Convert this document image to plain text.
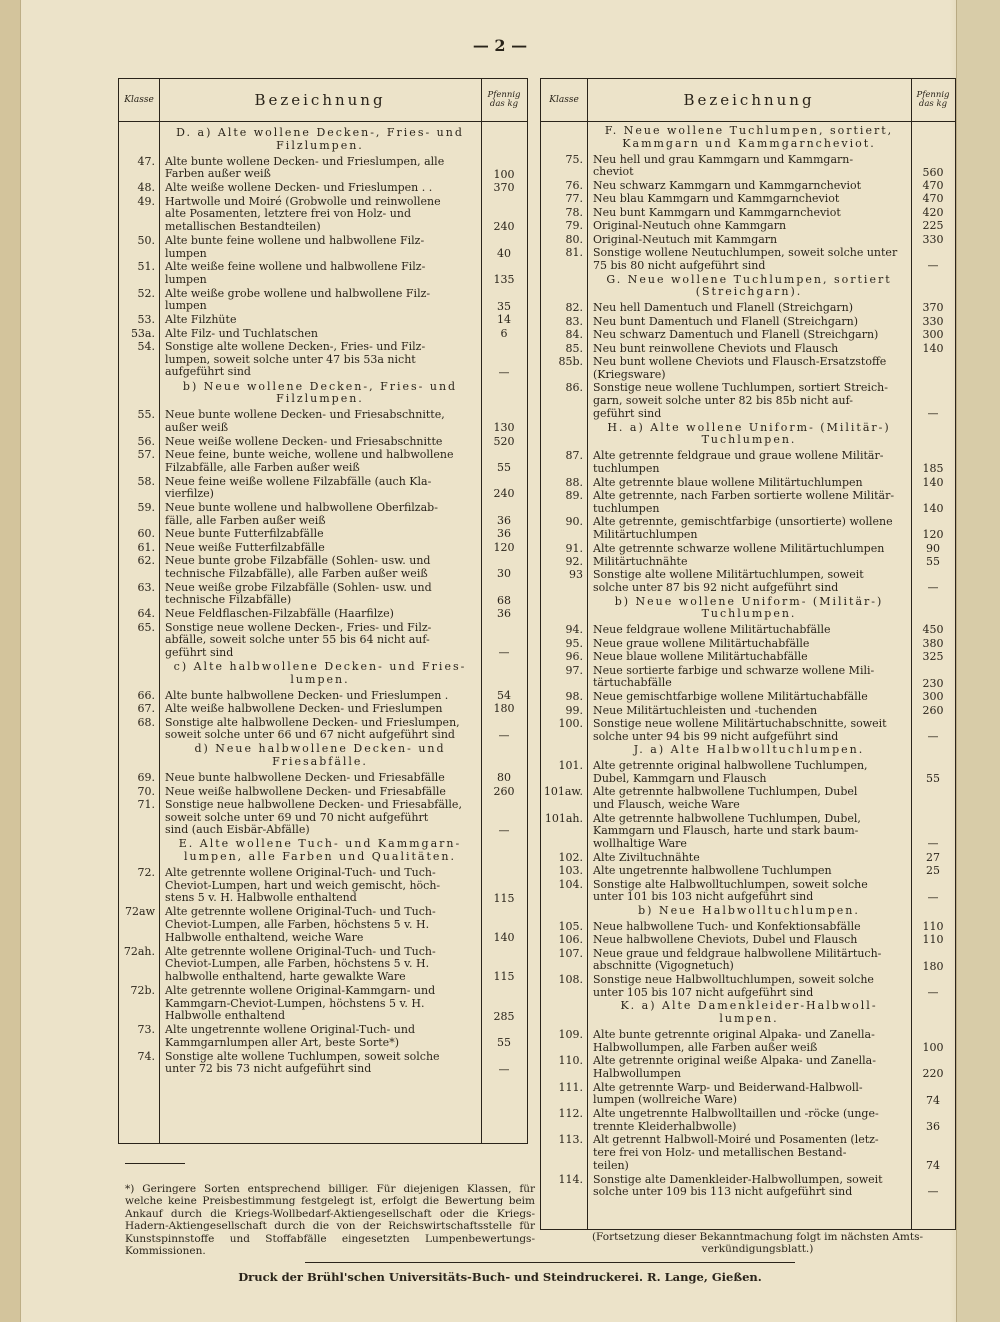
— 2 —
Klasse	Bezeichnung	Pfennig das kg
D. a) Alte wollene Decken-, Fries- und
Filzlumpen.
47. Alte bunte wollene Decken- und Frieslumpen, alle
Farben außer weiß	100
48. Alte weiße wollene Decken- und Frieslumpen . .	370
49. Hartwolle und Moiré (Grobwolle und reinwollene
alte Posamenten, letztere frei von Holz- und
metallischen Bestandteilen)	240
50. Alte bunte feine wollene und halbwollene Filz-
lumpen	40
51. Alte weiße feine wollene und halbwollene Filz-
lumpen	135
52. Alte weiße grobe wollene und halbwollene Filz-
lumpen	35
53. Alte Filzhüte	14
53a. Alte Filz- und Tuchlatschen	6
54. Sonstige alte wollene Decken-, Fries- und Filz-
lumpen, soweit solche unter 47 bis 53a nicht
aufgeführt sind	—
b) Neue wollene Decken-, Fries- und
Filzlumpen.
55. Neue bunte wollene Decken- und Friesabschnitte,
außer weiß	130
56. Neue weiße wollene Decken- und Friesabschnitte	520
57. Neue feine, bunte weiche, wollene und halbwollene
Filzabfälle, alle Farben außer weiß	55
58. Neue feine weiße wollene Filzabfälle (auch Kla-
vierfilze)	240
59. Neue bunte wollene und halbwollene Oberfilzab-
fälle, alle Farben außer weiß	36
60. Neue bunte Futterfilzabfälle	36
61. Neue weiße Futterfilzabfälle	120
62. Neue bunte grobe Filzabfälle (Sohlen- usw. und
technische Filzabfälle), alle Farben außer weiß	30
63. Neue weiße grobe Filzabfälle (Sohlen- usw. und
technische Filzabfälle)	68
64. Neue Feldflaschen-Filzabfälle (Haarfilze)	36
65. Sonstige neue wollene Decken-, Fries- und Filz-
abfälle, soweit solche unter 55 bis 64 nicht auf-
geführt sind	—
c) Alte halbwollene Decken- und Fries-
lumpen.
66. Alte bunte halbwollene Decken- und Frieslumpen .	54
67. Alte weiße halbwollene Decken- und Frieslumpen	180
68. Sonstige alte halbwollene Decken- und Frieslumpen,
soweit solche unter 66 und 67 nicht aufgeführt sind	—
d) Neue halbwollene Decken- und
Friesabfälle.
69. Neue bunte halbwollene Decken- und Friesabfälle	80
70. Neue weiße halbwollene Decken- und Friesabfälle	260
71. Sonstige neue halbwollene Decken- und Friesabfälle,
soweit solche unter 69 und 70 nicht aufgeführt
sind (auch Eisbär-Abfälle)	—
E. Alte wollene Tuch- und Kammgarn-
lumpen, alle Farben und Qualitäten.
72. Alte getrennte wollene Original-Tuch- und Tuch-
Cheviot-Lumpen, hart und weich gemischt, höch-
stens 5 v. H. Halbwolle enthaltend	115
72aw Alte getrennte wollene Original-Tuch- und Tuch-
Cheviot-Lumpen, alle Farben, höchstens 5 v. H.
Halbwolle enthaltend, weiche Ware	140
72ah. Alte getrennte wollene Original-Tuch- und Tuch-
Cheviot-Lumpen, alle Farben, höchstens 5 v. H.
halbwolle enthaltend, harte gewalkte Ware	115
72b. Alte getrennte wollene Original-Kammgarn- und
Kammgarn-Cheviot-Lumpen, höchstens 5 v. H.
Halbwolle enthaltend	285
73. Alte ungetrennte wollene Original-Tuch- und
Kammgarnlumpen aller Art, beste Sorte*)	55
74. Sonstige alte wollene Tuchlumpen, soweit solche
unter 72 bis 73 nicht aufgeführt sind	—
Klasse	Bezeichnung	Pfennig das kg
F. Neue wollene Tuchlumpen, sortiert,
Kammgarn und Kammgarncheviot.
75. Neu hell und grau Kammgarn und Kammgarn-
cheviot	560
76. Neu schwarz Kammgarn und Kammgarncheviot	470
77. Neu blau Kammgarn und Kammgarncheviot	470
78. Neu bunt Kammgarn und Kammgarncheviot	420
79. Original-Neutuch ohne Kammgarn	225
80. Original-Neutuch mit Kammgarn	330
81. Sonstige wollene Neutuchlumpen, soweit solche unter
75 bis 80 nicht aufgeführt sind	—
G. Neue wollene Tuchlumpen, sortiert
(Streichgarn).
82. Neu hell Damentuch und Flanell (Streichgarn)	370
83. Neu bunt Damentuch und Flanell (Streichgarn)	330
84. Neu schwarz Damentuch und Flanell (Streichgarn)	300
85. Neu bunt reinwollene Cheviots und Flausch	140
85b. Neu bunt wollene Cheviots und Flausch-Ersatzstoffe
(Kriegsware)
86. Sonstige neue wollene Tuchlumpen, sortiert Streich-
garn, soweit solche unter 82 bis 85b nicht auf-
geführt sind	—
H. a) Alte wollene Uniform- (Militär-)
Tuchlumpen.
87. Alte getrennte feldgraue und graue wollene Militär-
tuchlumpen	185
88. Alte getrennte blaue wollene Militärtuchlumpen	140
89. Alte getrennte, nach Farben sortierte wollene Militär-
tuchlumpen	140
90. Alte getrennte, gemischtfarbige (unsortierte) wollene
Militärtuchlumpen	120
91. Alte getrennte schwarze wollene Militärtuchlumpen	90
92. Militärtuchnähte	55
93 Sonstige alte wollene Militärtuchlumpen, soweit
solche unter 87 bis 92 nicht aufgeführt sind	—
b) Neue wollene Uniform- (Militär-)
Tuchlumpen.
94. Neue feldgraue wollene Militärtuchabfälle	450
95. Neue graue wollene Militärtuchabfälle	380
96. Neue blaue wollene Militärtuchabfälle	325
97. Neue sortierte farbige und schwarze wollene Mili-
tärtuchabfälle	230
98. Neue gemischtfarbige wollene Militärtuchabfälle	300
99. Neue Militärtuchleisten und -tuchenden	260
100. Sonstige neue wollene Militärtuchabschnitte, soweit
solche unter 94 bis 99 nicht aufgeführt sind	—
J. a) Alte Halbwolltuchlumpen.
101. Alte getrennte original halbwollene Tuchlumpen,
Dubel, Kammgarn und Flausch	55
101aw. Alte getrennte halbwollene Tuchlumpen, Dubel
und Flausch, weiche Ware
101ah. Alte getrennte halbwollene Tuchlumpen, Dubel,
Kammgarn und Flausch, harte und stark baum-
wollhaltige Ware	—
102. Alte Ziviltuchnähte	27
103. Alte ungetrennte halbwollene Tuchlumpen	25
104. Sonstige alte Halbwolltuchlumpen, soweit solche
unter 101 bis 103 nicht aufgeführt sind	—
b) Neue Halbwolltuchlumpen.
105. Neue halbwollene Tuch- und Konfektionsabfälle	110
106. Neue halbwollene Cheviots, Dubel und Flausch	110
107. Neue graue und feldgraue halbwollene Militärtuch-
abschnitte (Vigognetuch)	180
108. Sonstige neue Halbwolltuchlumpen, soweit solche
unter 105 bis 107 nicht aufgeführt sind	—
K. a) Alte Damenkleider-Halbwoll-
lumpen.
109. Alte bunte getrennte original Alpaka- und Zanella-
Halbwollumpen, alle Farben außer weiß	100
110. Alte getrennte original weiße Alpaka- und Zanella-
Halbwollumpen	220
111. Alte getrennte Warp- und Beiderwand-Halbwoll-
lumpen (wollreiche Ware)	74
112. Alte ungetrennte Halbwolltaillen und -röcke (unge-
trennte Kleiderhalbwolle)	36
113. Alt getrennt Halbwoll-Moiré und Posamenten (letz-
tere frei von Holz- und metallischen Bestand-
teilen)	74
114. Sonstige alte Damenkleider-Halbwollumpen, soweit
solche unter 109 bis 113 nicht aufgeführt sind	—
*) Geringere Sorten entsprechend billiger. Für diejenigen Klassen, für welche keine Preisbestimmung festgelegt ist, erfolgt die Bewertung beim Ankauf durch die Kriegs-Wollbedarf-Aktiengesellschaft oder die Kriegs-Hadern-Aktiengesellschaft durch die von der Reichswirtschaftsstelle für Kunstspinnstoffe und Stoffabfälle eingesetzten Lumpenbewertungs-Kommissionen.
(Fortsetzung dieser Bekanntmachung folgt im nächsten Amts-
verkündigungsblatt.)
Druck der Brühl'schen Universitäts-Buch- und Steindruckerei. R. Lange, Gießen.
